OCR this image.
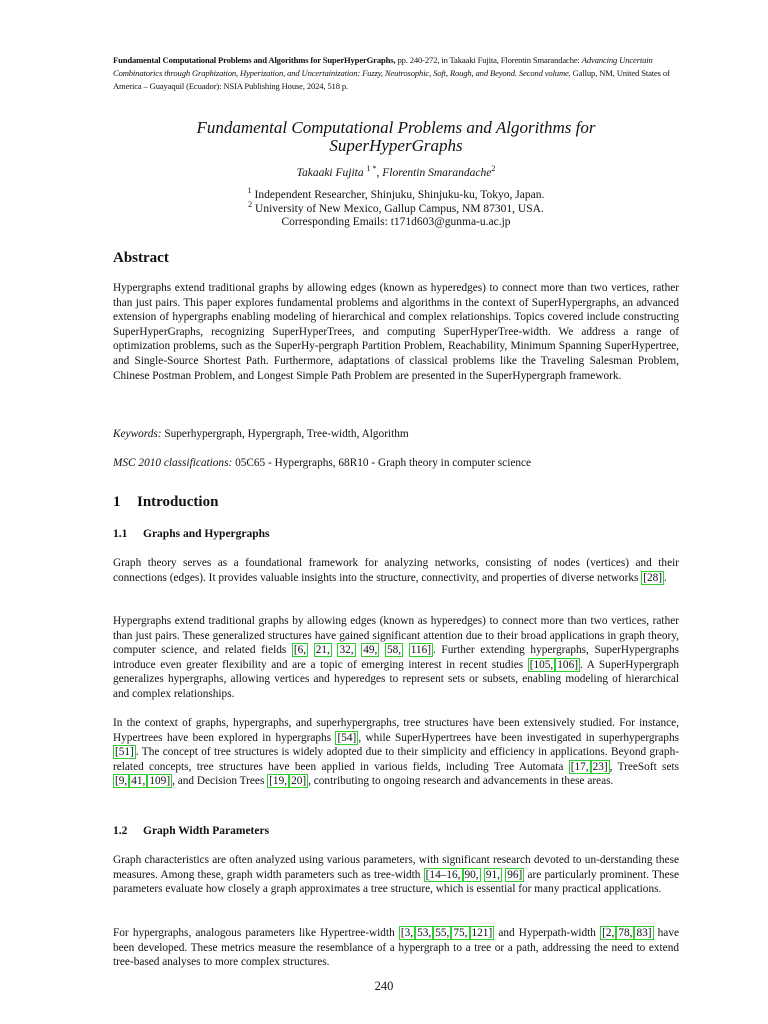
Fundamental Computational Problems and Algorithms for SuperHyperGraphs, pp. 240-272, in Takaaki Fujita, Florentin Smarandache: Advancing Uncertain Combinatorics through Graphization, Hyperization, and Uncertainization: Fuzzy, Neutrosophic, Soft, Rough, and Beyond. Second volume. Gallup, NM, United States of America – Guayaquil (Ecuador): NSIA Publishing House, 2024, 518 p.
Fundamental Computational Problems and Algorithms for
SuperHyperGraphs
Takaaki Fujita $^{1 *}$, Florentin Smarandache$^2$
$^1$ Independent Researcher, Shinjuku, Shinjuku-ku, Tokyo, Japan.
$^2$ University of New Mexico, Gallup Campus, NM 87301, USA.
Corresponding Emails: t171d603@gunma-u.ac.jp
Abstract

Hypergraphs extend traditional graphs by allowing edges (known as hyperedges) to connect more than two vertices, rather than just pairs. This paper explores fundamental problems and algorithms in the context of SuperHypergraphs, an advanced extension of hypergraphs enabling modeling of hierarchical and complex relationships. Topics covered include constructing SuperHyperGraphs, recognizing SuperHyperTrees, and computing SuperHyperTree-width. We address a range of optimization problems, such as the SuperHy-pergraph Partition Problem, Reachability, Minimum Spanning SuperHypertree, and Single-Source Shortest Path. Furthermore, adaptations of classical problems like the Traveling Salesman Problem, Chinese Postman Problem, and Longest Simple Path Problem are presented in the SuperHypergraph framework.

Keywords: Superhypergraph, Hypergraph, Tree-width, Algorithm

MSC 2010 classifications: 05C65 - Hypergraphs, 68R10 - Graph theory in computer science

1 Introduction
1.1 Graphs and Hypergraphs

Graph theory serves as a foundational framework for analyzing networks, consisting of nodes (vertices) and their connections (edges). It provides valuable insights into the structure, connectivity, and properties of diverse networks [28] .

Hypergraphs extend traditional graphs by allowing edges (known as hyperedges) to connect more than two vertices, rather than just pairs. These generalized structures have gained significant attention due to their broad applications in graph theory, computer science, and related fields [6, 21, 32, 49, 58, 116] . Further extending hypergraphs, SuperHypergraphs introduce even greater flexibility and are a topic of emerging interest in recent studies [105, 106] . A SuperHypergraph generalizes hypergraphs, allowing vertices and hyperedges to represent sets or subsets, enabling modeling of hierarchical and complex relationships.

In the context of graphs, hypergraphs, and superhypergraphs, tree structures have been extensively studied. For instance, Hypertrees have been explored in hypergraphs [54] , while SuperHypertrees have been investigated in superhypergraphs [51] . The concept of tree structures is widely adopted due to their simplicity and efficiency in applications. Beyond graph-related concepts, tree structures have been applied in various fields, including Tree Automata [17, 23] , TreeSoft sets [9, 41, 109] , and Decision Trees [19, 20] , contributing to ongoing research and advancements in these areas.

1.2 Graph Width Parameters

Graph characteristics are often analyzed using various parameters, with significant research devoted to un-derstanding these measures. Among these, graph width parameters such as tree-width [14–16, 90, 91, 96] are particularly prominent. These parameters evaluate how closely a graph approximates a tree structure, which is essential for many practical applications.

For hypergraphs, analogous parameters like Hypertree-width [3, 53, 55, 75, 121] and Hyperpath-width [2, 78, 83] have been developed. These metrics measure the resemblance of a hypergraph to a tree or a path, addressing the need to extend tree-based analyses to more complex structures.

240
